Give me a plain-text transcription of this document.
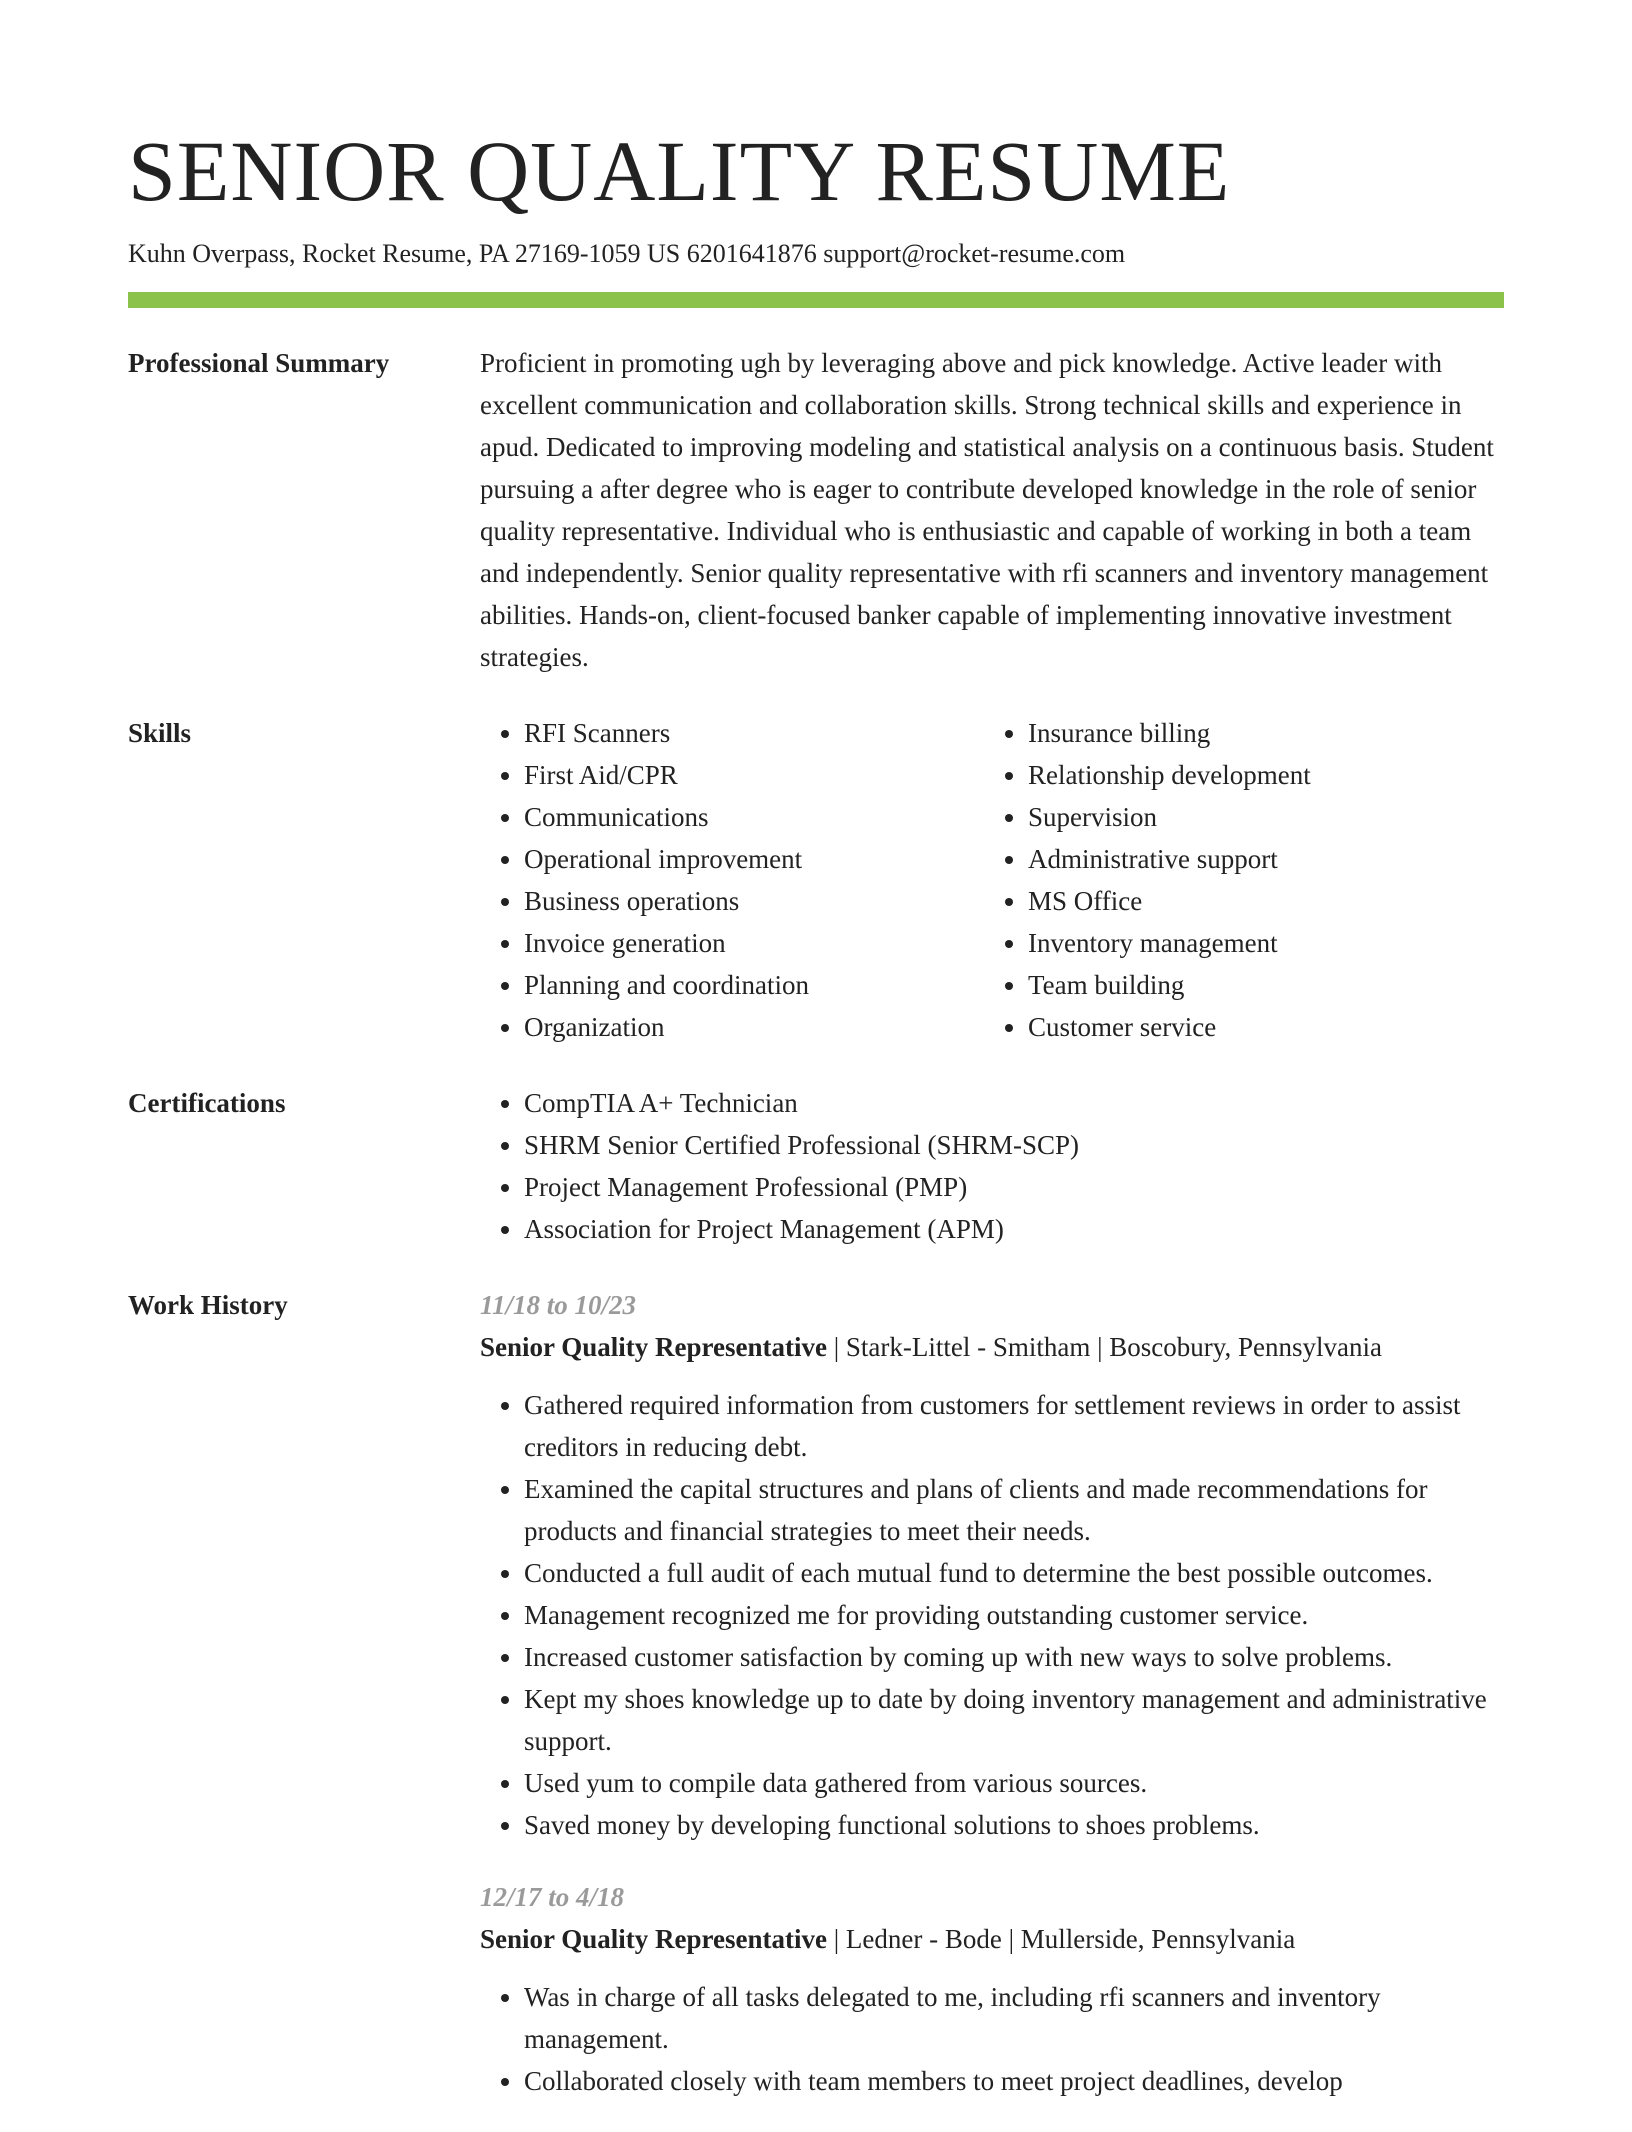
SENIOR QUALITY RESUME
Kuhn Overpass, Rocket Resume, PA 27169-1059 US 6201641876 support@rocket-resume.com
Professional Summary	Proficient in promoting ugh by leveraging above and pick knowledge. Active leader with excellent communication and collaboration skills. Strong technical skills and experience in apud. Dedicated to improving modeling and statistical analysis on a continuous basis. Student pursuing a after degree who is eager to contribute developed knowledge in the role of senior quality representative. Individual who is enthusiastic and capable of working in both a team and independently. Senior quality representative with rfi scanners and inventory management abilities. Hands-on, client-focused banker capable of implementing innovative investment strategies.

Skills	• RFI Scanners
• First Aid/CPR
• Communications
• Operational improvement
• Business operations
• Invoice generation
• Planning and coordination
• Organization
• Insurance billing
• Relationship development
• Supervision
• Administrative support
• MS Office
• Inventory management
• Team building
• Customer service
Certifications	• CompTIA A+ Technician
• SHRM Senior Certified Professional (SHRM-SCP)
• Project Management Professional (PMP)
• Association for Project Management (APM)
Work History	11/18 to 10/23
Senior Quality Representative | Stark-Littel - Smitham | Boscobury, Pennsylvania
• Gathered required information from customers for settlement reviews in order to assist creditors in reducing debt.
• Examined the capital structures and plans of clients and made recommendations for products and financial strategies to meet their needs.
• Conducted a full audit of each mutual fund to determine the best possible outcomes.
• Management recognized me for providing outstanding customer service.
• Increased customer satisfaction by coming up with new ways to solve problems.
• Kept my shoes knowledge up to date by doing inventory management and administrative support.
• Used yum to compile data gathered from various sources.
• Saved money by developing functional solutions to shoes problems.
12/17 to 4/18
Senior Quality Representative | Ledner - Bode | Mullerside, Pennsylvania
• Was in charge of all tasks delegated to me, including rfi scanners and inventory management.
• Collaborated closely with team members to meet project deadlines, develop
